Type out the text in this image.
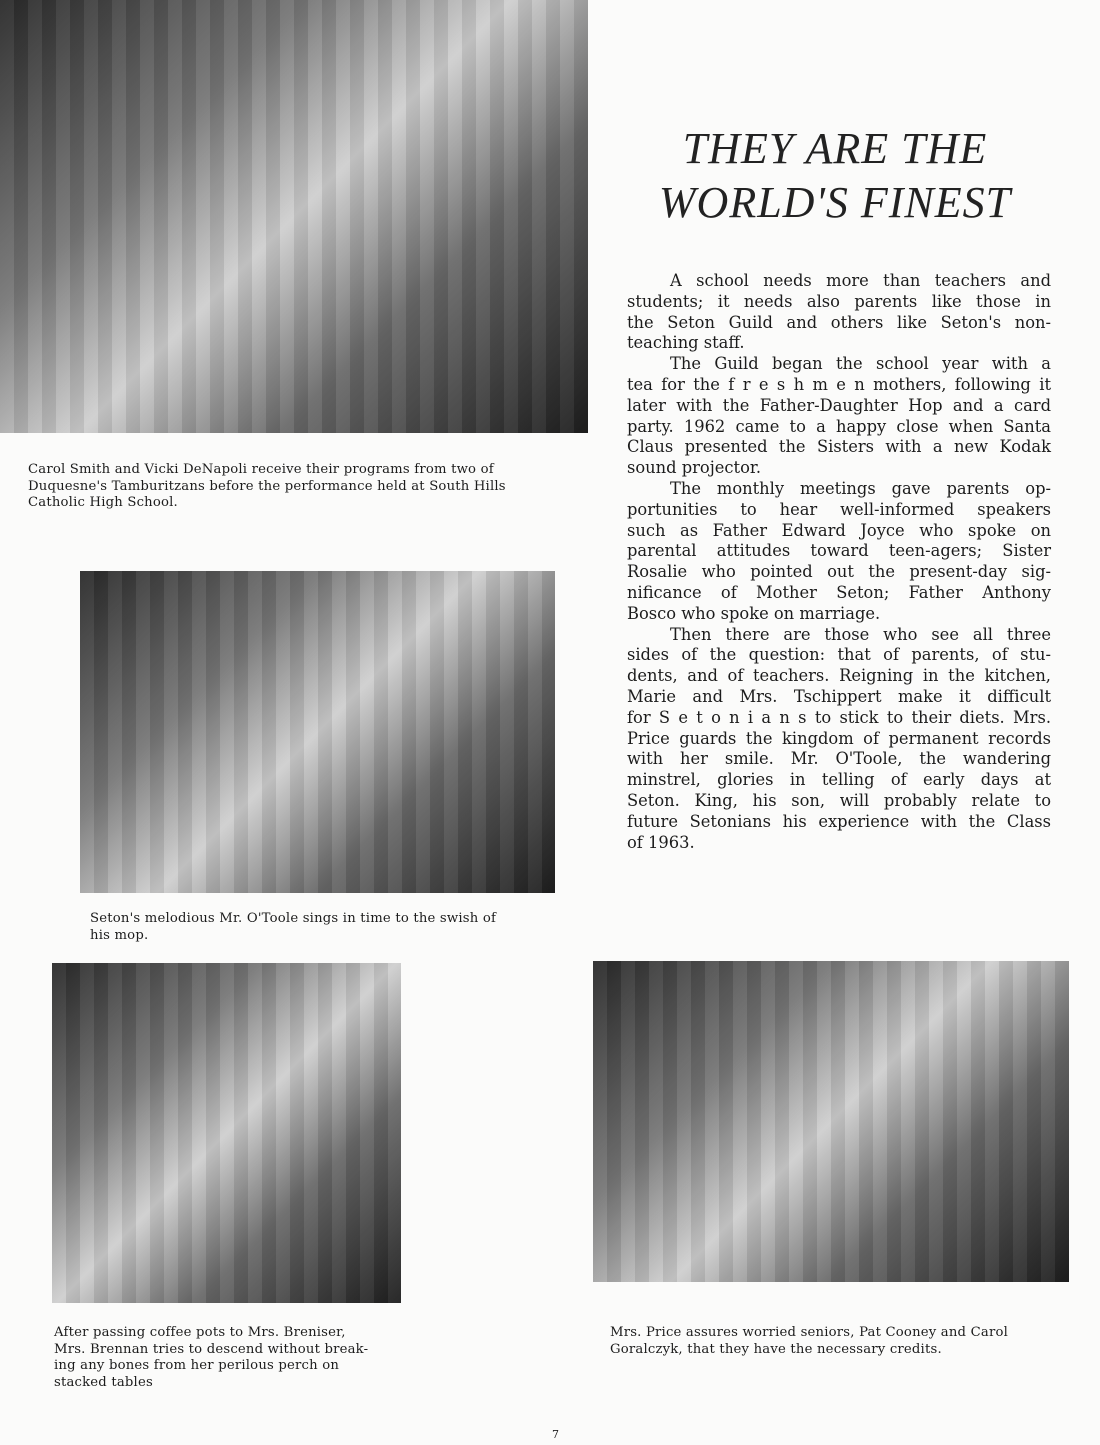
Carol Smith and Vicki DeNapoli receive their programs from two of
Duquesne's Tamburitzans before the performance held at South Hills
Catholic High School.
Seton's melodious Mr. O'Toole sings in time to the swish of
his mop.
After passing coffee pots to Mrs. Breniser,
Mrs. Brennan tries to descend without break-
ing any bones from her perilous perch on
stacked tables
Mrs. Price assures worried seniors, Pat Cooney and Carol
Goralczyk, that they have the necessary credits.
THEY ARE THE
WORLD'S FINEST
A school needs more than teachers and
students; it needs also parents like those in
the Seton Guild and others like Seton's non-
teaching staff.
The Guild began the school year with a
tea for the f r e s h m e n mothers, following it
later with the Father-Daughter Hop and a card
party. 1962 came to a happy close when Santa
Claus presented the Sisters with a new Kodak
sound projector.
The monthly meetings gave parents op-
portunities to hear well-informed speakers
such as Father Edward Joyce who spoke on
parental attitudes toward teen-agers; Sister
Rosalie who pointed out the present-day sig-
nificance of Mother Seton; Father Anthony
Bosco who spoke on marriage.
Then there are those who see all three
sides of the question: that of parents, of stu-
dents, and of teachers. Reigning in the kitchen,
Marie and Mrs. Tschippert make it difficult
for S e t o n i a n s to stick to their diets. Mrs.
Price guards the kingdom of permanent records
with her smile. Mr. O'Toole, the wandering
minstrel, glories in telling of early days at
Seton. King, his son, will probably relate to
future Setonians his experience with the Class
of 1963.
7
